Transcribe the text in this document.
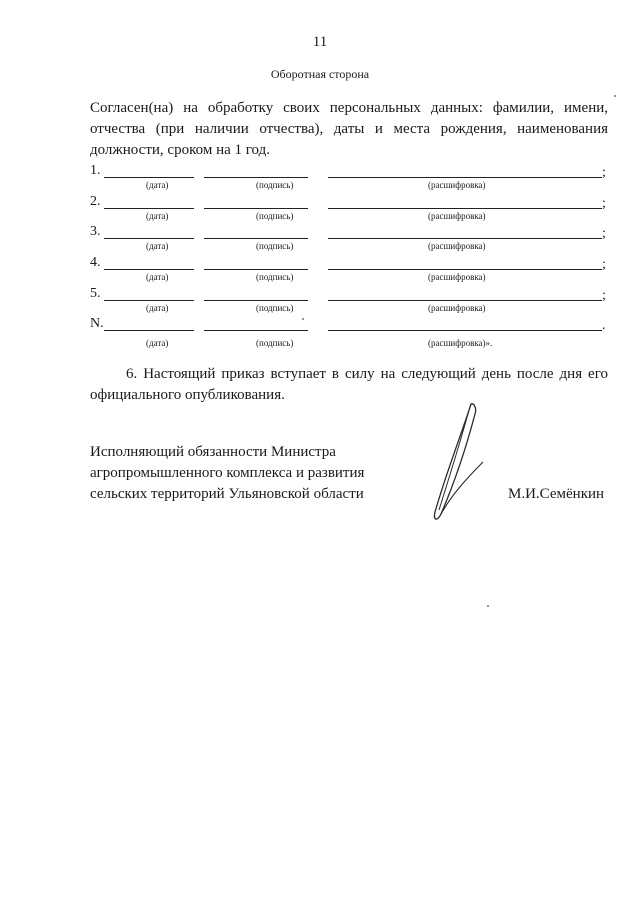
11
Оборотная сторона
Согласен(на) на обработку своих персональных данных: фамилии, имени, отчества (при наличии отчества), даты и места рождения, наименования должности, сроком на 1 год.
1.	;
(дата)	(подпись)	(расшифровка)
2.	;
(дата)	(подпись)	(расшифровка)
3.	;
(дата)	(подпись)	(расшифровка)
4.	;
(дата)	(подпись)	(расшифровка)
5.	;
(дата)	(подпись)	(расшифровка)
N.	.
(дата)	(подпись)	(расшифровка)».
6. Настоящий приказ вступает в силу на следующий день после дня его официального опубликования.
Исполняющий обязанности Министра
агропромышленного комплекса и развития
сельских территорий Ульяновской области	М.И.Семёнкин
